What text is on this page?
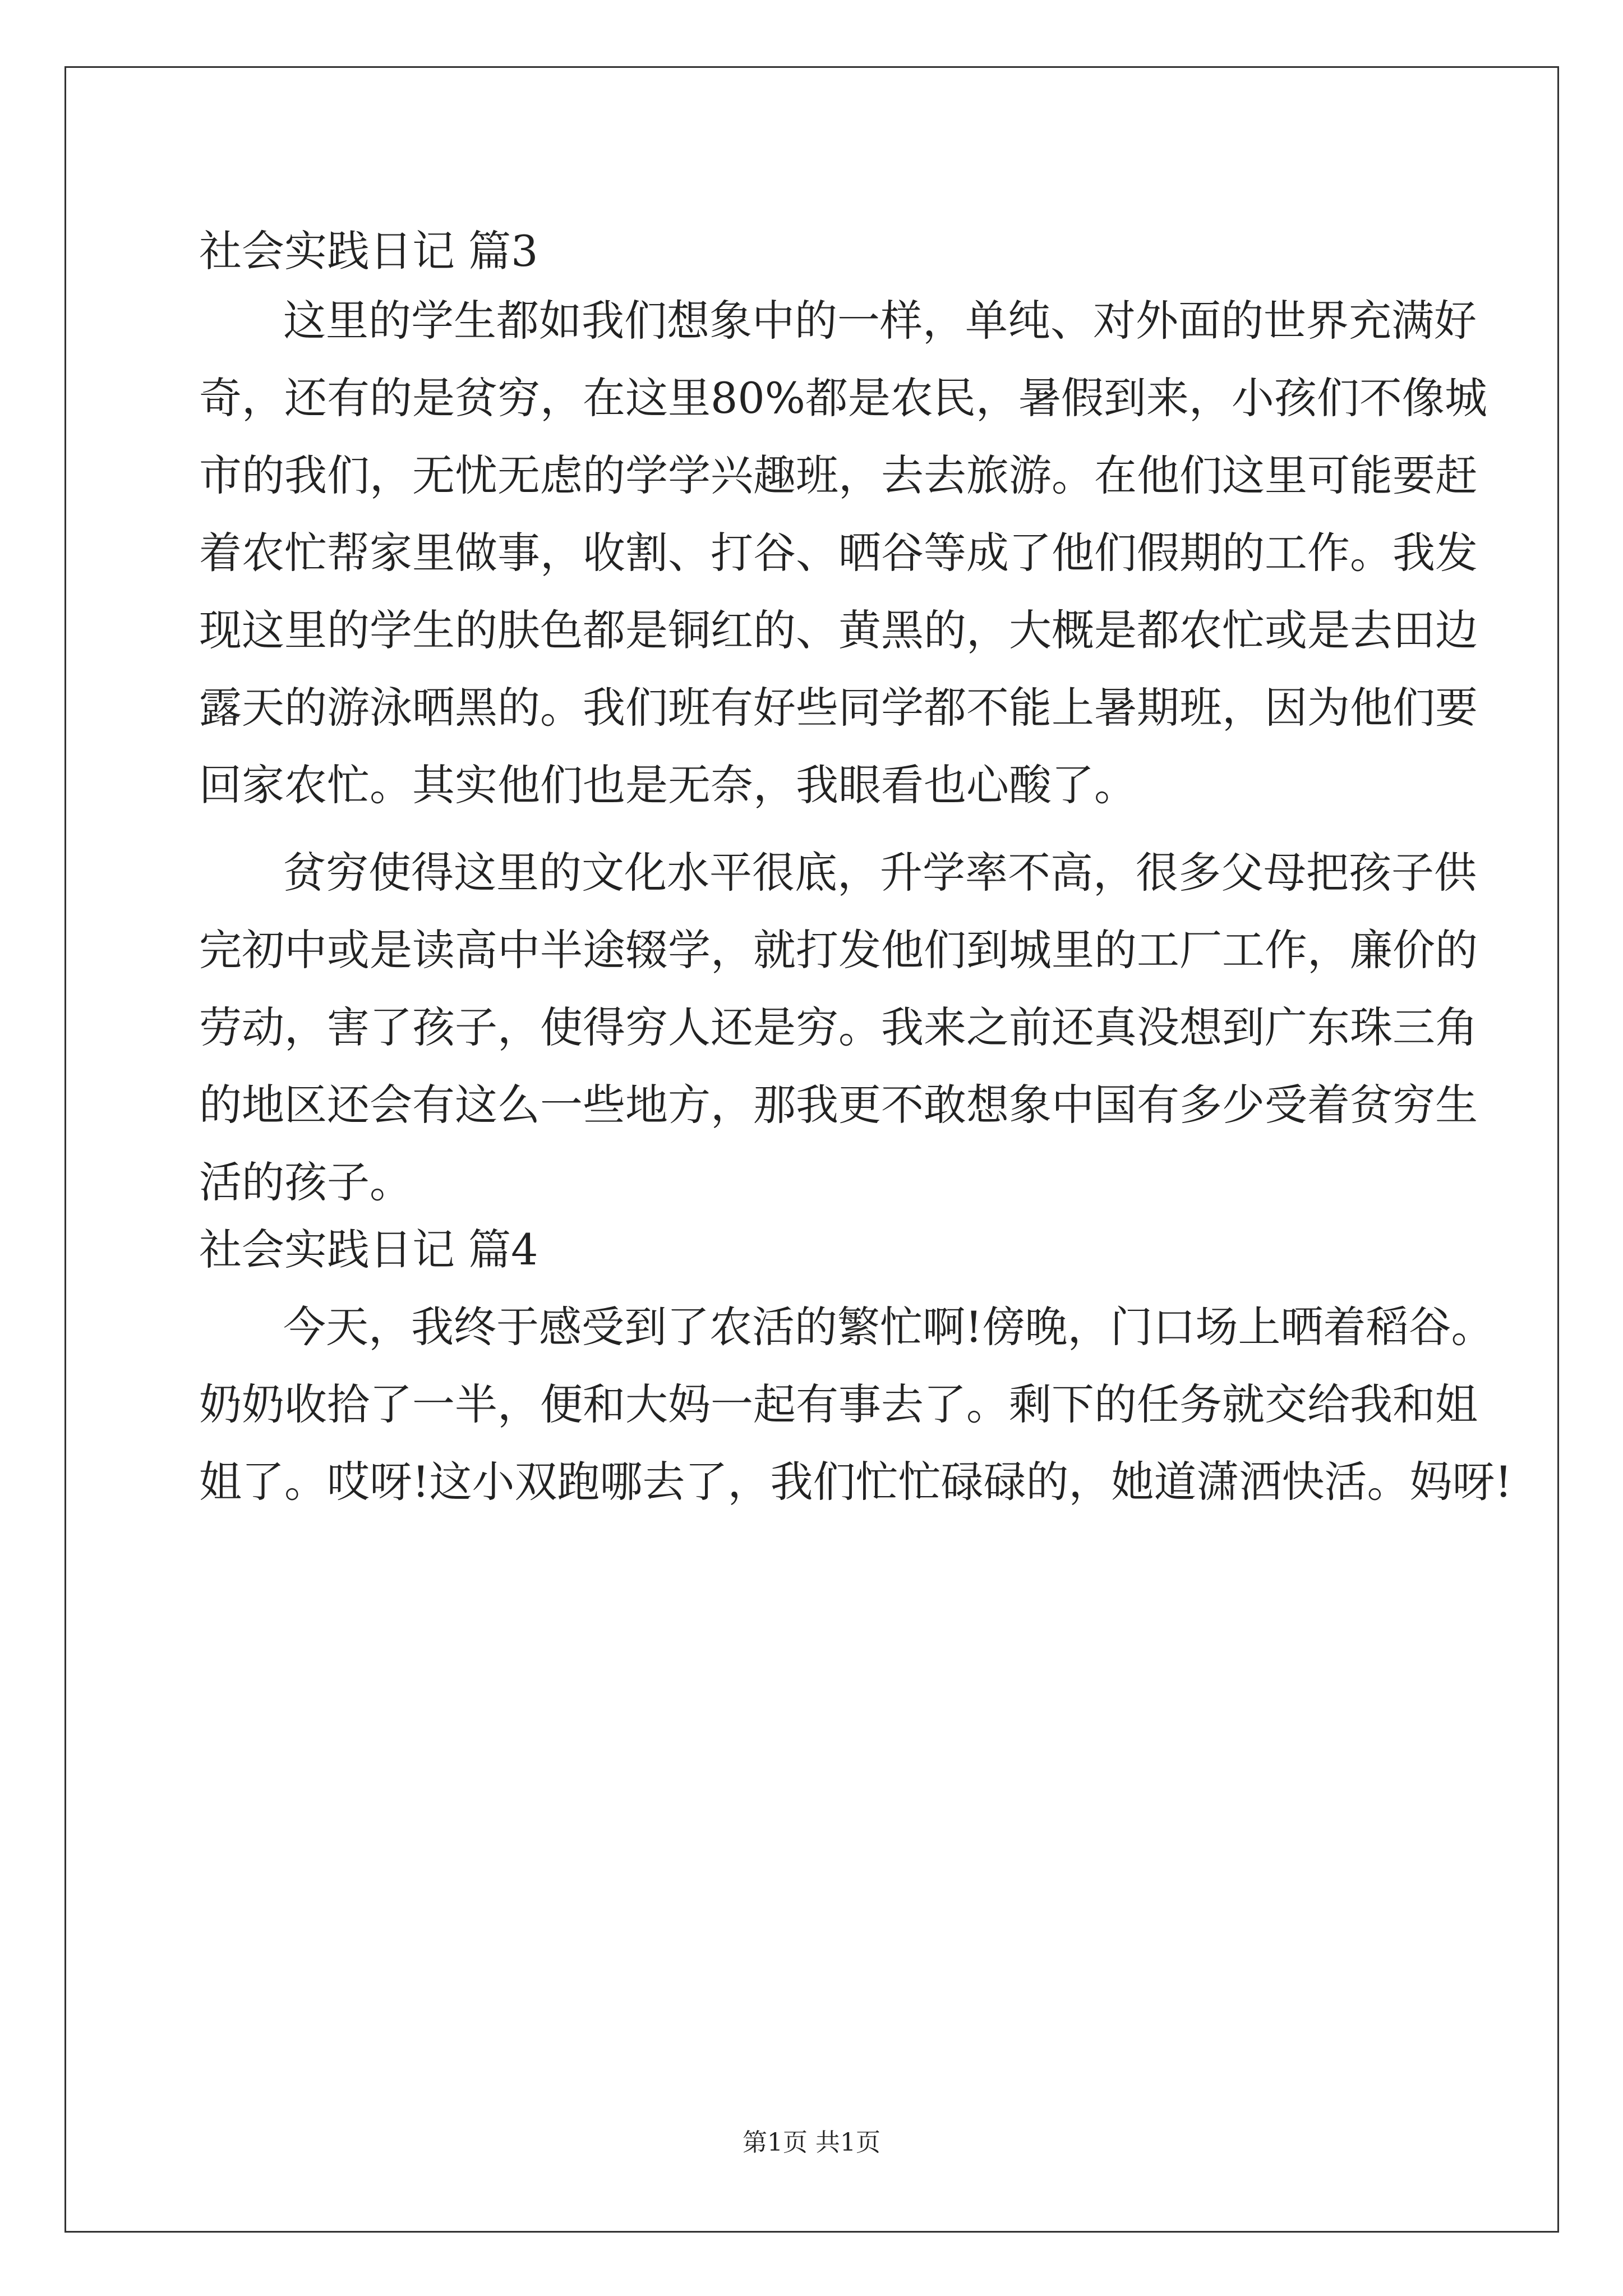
社会实践日记 篇3
这里的学生都如我们想象中的一样，单纯、对外面的世界充满好
奇，还有的是贫穷，在这里80%都是农民，暑假到来，小孩们不像城
市的我们，无忧无虑的学学兴趣班，去去旅游。在他们这里可能要赶
着农忙帮家里做事，收割、打谷、晒谷等成了他们假期的工作。我发
现这里的学生的肤色都是铜红的、黄黑的，大概是都农忙或是去田边
露天的游泳晒黑的。我们班有好些同学都不能上暑期班，因为他们要
回家农忙。其实他们也是无奈，我眼看也心酸了。
贫穷使得这里的文化水平很底，升学率不高，很多父母把孩子供
完初中或是读高中半途辍学，就打发他们到城里的工厂工作，廉价的
劳动，害了孩子，使得穷人还是穷。我来之前还真没想到广东珠三角
的地区还会有这么一些地方，那我更不敢想象中国有多少受着贫穷生
活的孩子。
社会实践日记 篇4
今天，我终于感受到了农活的繁忙啊!傍晚，门口场上晒着稻谷。
奶奶收拾了一半，便和大妈一起有事去了。剩下的任务就交给我和姐
姐了。哎呀!这小双跑哪去了，我们忙忙碌碌的，她道潇洒快活。妈呀!
第1页 共1页
